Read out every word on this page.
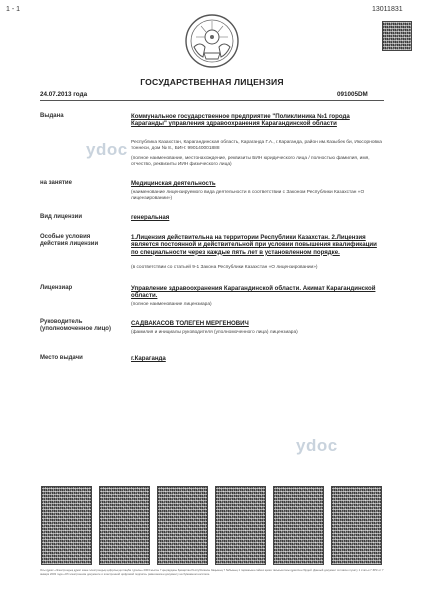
1 - 1	13011831
ГОСУДАРСТВЕННАЯ ЛИЦЕНЗИЯ
24.07.2013 года	091005DM
ydoc
ydoc
Выдана	Коммунальное государственное предприятие "Поликлиника №1 города Караганды" управления здравоохранения Карагандинской области
Республика Казахстан, Карагандинская область, Караганда Г.А., г.Караганда, район им.Казыбек би, Июсорновка тоннеси, дом № 8., БИН: 990140001888
(полное наименование, местонахождение, реквизиты БИН юридического лица / полностью фамилия, имя, отчество, реквизиты ИИН физического лица)
на занятие	Медицинская деятельность
(наименование лицензируемого вида деятельности в соответствии с Законом Республики Казахстан «О лицензировании»)
Вид лицензии	генеральная
Особые условия
действия лицензии
1.Лицензия действительна на территории Республики Казахстан. 2.Лицензия является постоянной и действительной при условии повышения квалификации по специальности через каждые пять лет в установленном порядке.
(в соответствии со статьей 9-1 Закона Республики Казахстан «О лицензировании»)
Лицензиар	Управление здравоохранения Карагандинской области. Акимат Карагандинской области.
(полное наименование лицензиара)
Руководитель
(уполномоченное лицо)
САДВАКАСОВ ТОЛЕГЕН МЕРГЕНОВИЧ
(фамилия и инициалы руководителя (уполномоченного лица) лицензиара)
Место выдачи	г.Караганда
Осы құжат «Электрондық құжат және электрондық цифрлық қолтаңба туралы» 2003 жылғы 7 қаңтардағы Қазақстан Республикасы Заңының 7 бабының 1 тармағына сәйкес қағаз тасығыштағы құжатпен бірдей. Данный документ согласно пункту 1 статьи 7 ЗРК от 7 января 2003 года «Об электронном документе и электронной цифровой подписи» равнозначен документу на бумажном носителе.
